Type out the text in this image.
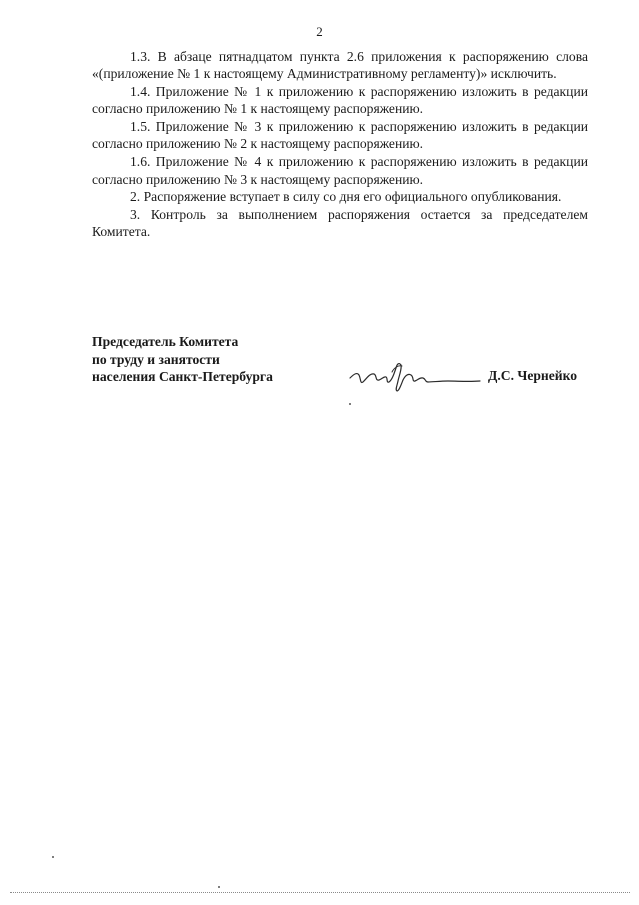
2

1.3. В абзаце пятнадцатом пункта 2.6 приложения к распоряжению слова «(приложение № 1 к настоящему Административному регламенту)» исключить.

1.4. Приложение № 1 к приложению к распоряжению изложить в редакции согласно приложению № 1 к настоящему распоряжению.

1.5. Приложение № 3 к приложению к распоряжению изложить в редакции согласно приложению № 2 к настоящему распоряжению.

1.6. Приложение № 4 к приложению к распоряжению изложить в редакции согласно приложению № 3 к настоящему распоряжению.

2. Распоряжение вступает в силу со дня его официального опубликования.

3. Контроль за выполнением распоряжения остается за председателем Комитета.

Председатель Комитета
по труду и занятости
населения Санкт-Петербурга	Д.С. Чернейко
